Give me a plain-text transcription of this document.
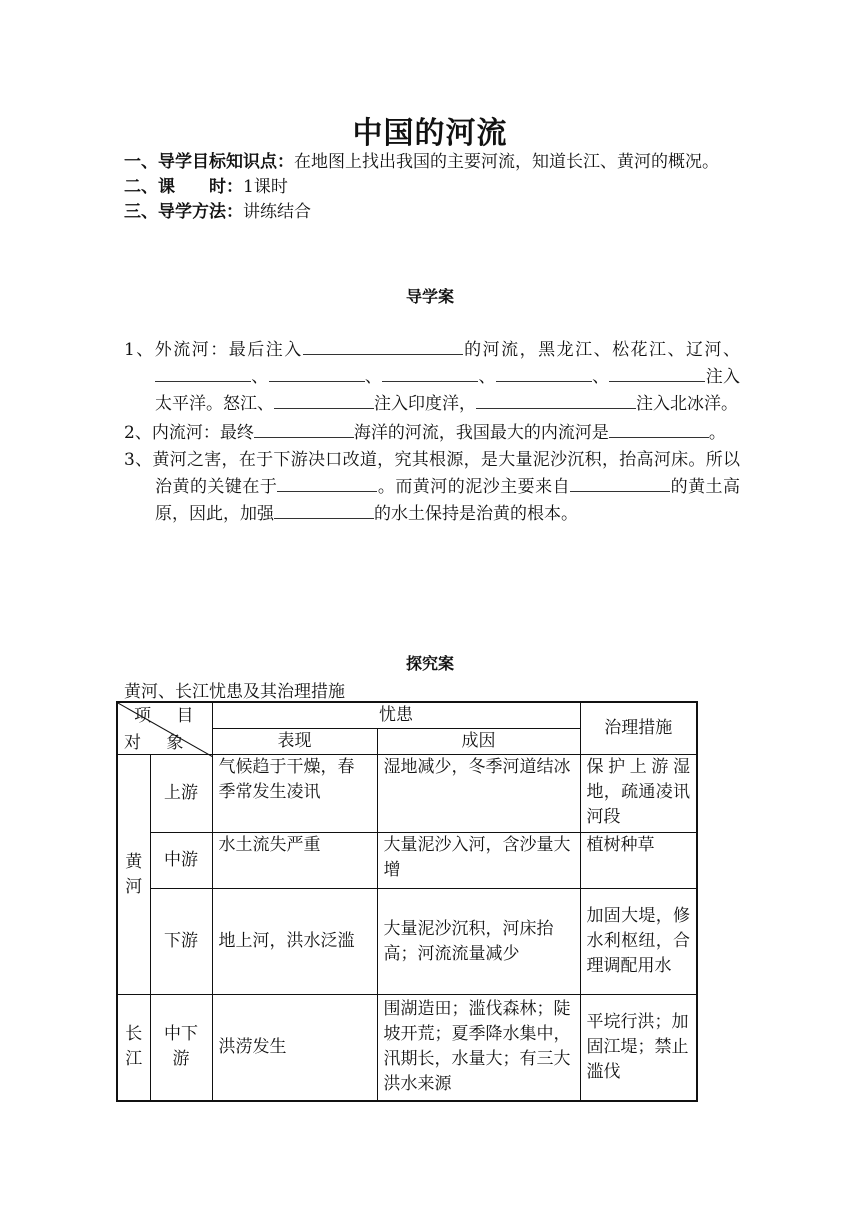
中国的河流
一、导学目标知识点：在地图上找出我国的主要河流，知道长江、黄河的概况。
二、课　　时：1课时
三、导学方法：讲练结合
导学案
1、外流河：最后注入	的河流，黑龙江、松花江、辽河、、	、	、	、	注入太平洋。怒江、	注入印度洋，	注入北冰洋。
2、内流河：最终	海洋的河流，我国最大的内流河是	。
3、黄河之害，在于下游决口改道，究其根源，是大量泥沙沉积，抬高河床。所以治黄的关键在于	。而黄河的泥沙主要来自	的黄土高原，因此，加强	的水土保持是治黄的根本。
探究案
黄河、长江忧患及其治理措施
项 目
对 象		忧患		治理措施
		表现	成因	
黄河	上游	气候趋于干燥，春季常发生凌讯	湿地减少，冬季河道结冰	保护上游湿地，疏通凌讯河段
	中游	水土流失严重	大量泥沙入河，含沙量大增	植树种草
	下游	地上河，洪水泛滥	大量泥沙沉积，河床抬高；河流流量减少	加固大堤，修水利枢纽，合理调配用水
长江	中下游	洪涝发生	围湖造田；滥伐森林；陡坡开荒；夏季降水集中，汛期长，水量大；有三大洪水来源	平垸行洪；加固江堤；禁止滥伐
